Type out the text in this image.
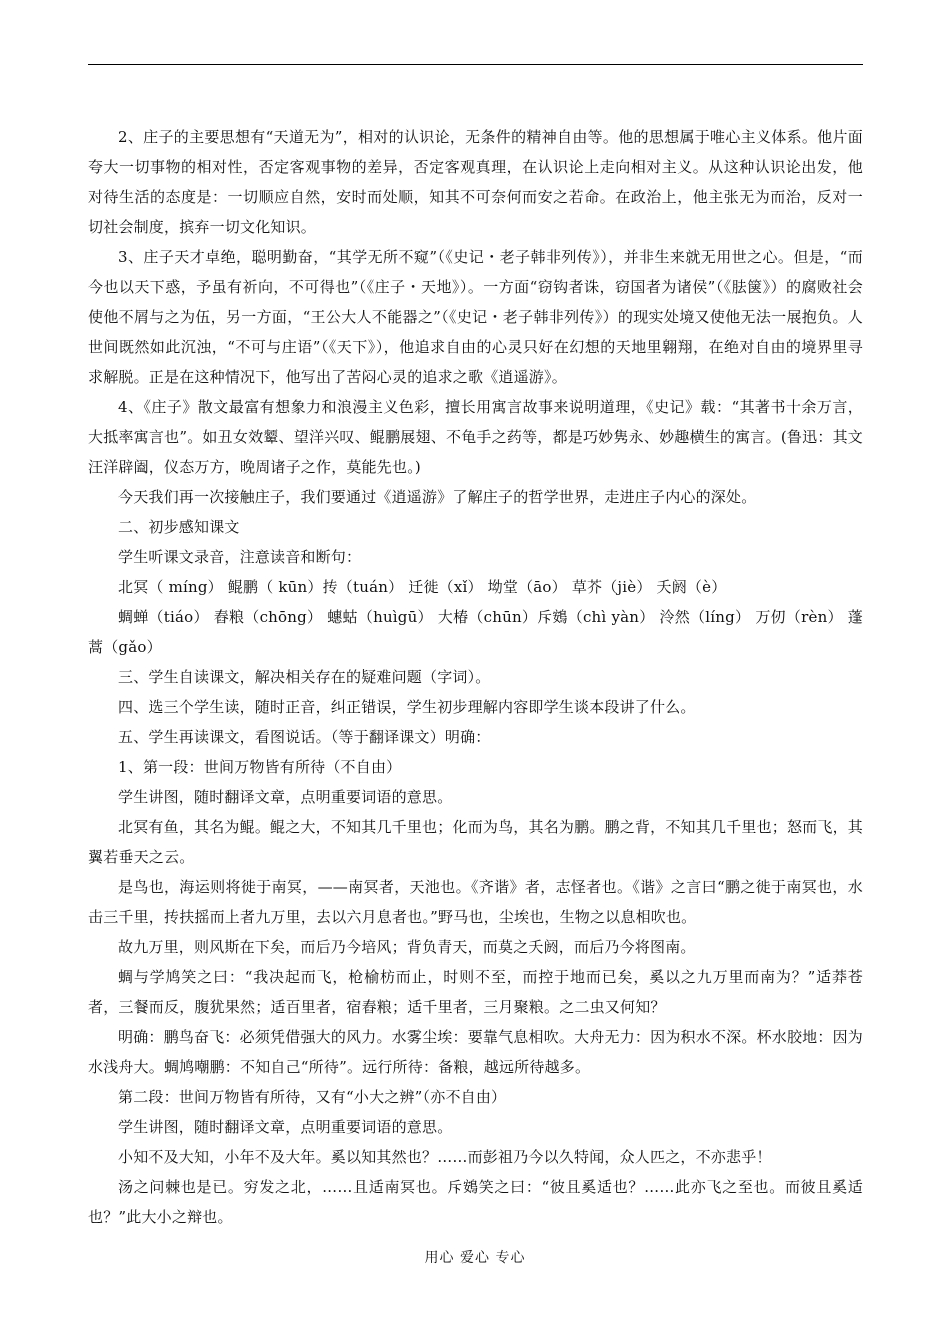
2、庄子的主要思想有“天道无为”，相对的认识论，无条件的精神自由等。他的思想属于唯心主义体系。他片面夸大一切事物的相对性，否定客观事物的差异，否定客观真理，在认识论上走向相对主义。从这种认识论出发，他对待生活的态度是：一切顺应自然，安时而处顺，知其不可奈何而安之若命。在政治上，他主张无为而治，反对一切社会制度，摈弃一切文化知识。

3、庄子天才卓绝，聪明勤奋，“其学无所不窥”（《史记・老子韩非列传》），并非生来就无用世之心。但是，“而今也以天下惑，予虽有祈向，不可得也”（《庄子・天地》）。一方面“窃钩者诛，窃国者为诸侯”（《胠箧》）的腐败社会使他不屑与之为伍，另一方面，“王公大人不能器之”（《史记・老子韩非列传》）的现实处境又使他无法一展抱负。人世间既然如此沉浊，“不可与庄语”（《天下》），他追求自由的心灵只好在幻想的天地里翱翔，在绝对自由的境界里寻求解脱。正是在这种情况下，他写出了苦闷心灵的追求之歌《逍遥游》。

4、《庄子》散文最富有想象力和浪漫主义色彩，擅长用寓言故事来说明道理，《史记》载：“其著书十余万言，大抵率寓言也”。如丑女效颦、望洋兴叹、鲲鹏展翅、不龟手之药等，都是巧妙隽永、妙趣横生的寓言。(鲁迅：其文汪洋辟阖，仪态万方，晚周诸子之作，莫能先也。)

今天我们再一次接触庄子，我们要通过《逍遥游》了解庄子的哲学世界，走进庄子内心的深处。

二、初步感知课文

学生听课文录音，注意读音和断句：

北冥（ míng） 鲲鹏（ kūn）抟（tuán） 迁徙（xǐ） 坳堂（āo） 草芥（jiè） 夭阏（è）

蜩蝉（tiáo） 舂粮（chōng） 蟪蛄（huìgū） 大椿（chūn）斥鴳（chì yàn） 泠然（líng） 万仞（rèn） 蓬蒿（gǎo）

三、学生自读课文，解决相关存在的疑难问题（字词）。

四、选三个学生读，随时正音，纠正错误，学生初步理解内容即学生谈本段讲了什么。

五、学生再读课文，看图说话。（等于翻译课文）明确：

1、第一段：世间万物皆有所待（不自由）

学生讲图，随时翻译文章，点明重要词语的意思。

北冥有鱼，其名为鲲。鲲之大，不知其几千里也；化而为鸟，其名为鹏。鹏之背，不知其几千里也；怒而飞，其翼若垂天之云。

是鸟也，海运则将徙于南冥，——南冥者，天池也。《齐谐》者，志怪者也。《谐》之言曰“鹏之徙于南冥也，水击三千里，抟扶摇而上者九万里，去以六月息者也。”野马也，尘埃也，生物之以息相吹也。

故九万里，则风斯在下矣，而后乃今培风；背负青天，而莫之夭阏，而后乃今将图南。

蜩与学鸠笑之曰：“我决起而飞，枪榆枋而止，时则不至，而控于地而已矣，奚以之九万里而南为？”适莽苍者，三餐而反，腹犹果然；适百里者，宿舂粮；适千里者，三月聚粮。之二虫又何知？

明确：鹏鸟奋飞：必须凭借强大的风力。水雾尘埃：要靠气息相吹。大舟无力：因为积水不深。杯水胶地：因为水浅舟大。蜩鸠嘲鹏：不知自己“所待”。远行所待：备粮，越远所待越多。

第二段：世间万物皆有所待，又有“小大之辨”（亦不自由）

学生讲图，随时翻译文章，点明重要词语的意思。

小知不及大知，小年不及大年。奚以知其然也？……而彭祖乃今以久特闻，众人匹之，不亦悲乎！

汤之问棘也是已。穷发之北，……且适南冥也。斥鴳笑之曰：“彼且奚适也？……此亦飞之至也。而彼且奚适也？”此大小之辩也。

用心 爱心 专心
